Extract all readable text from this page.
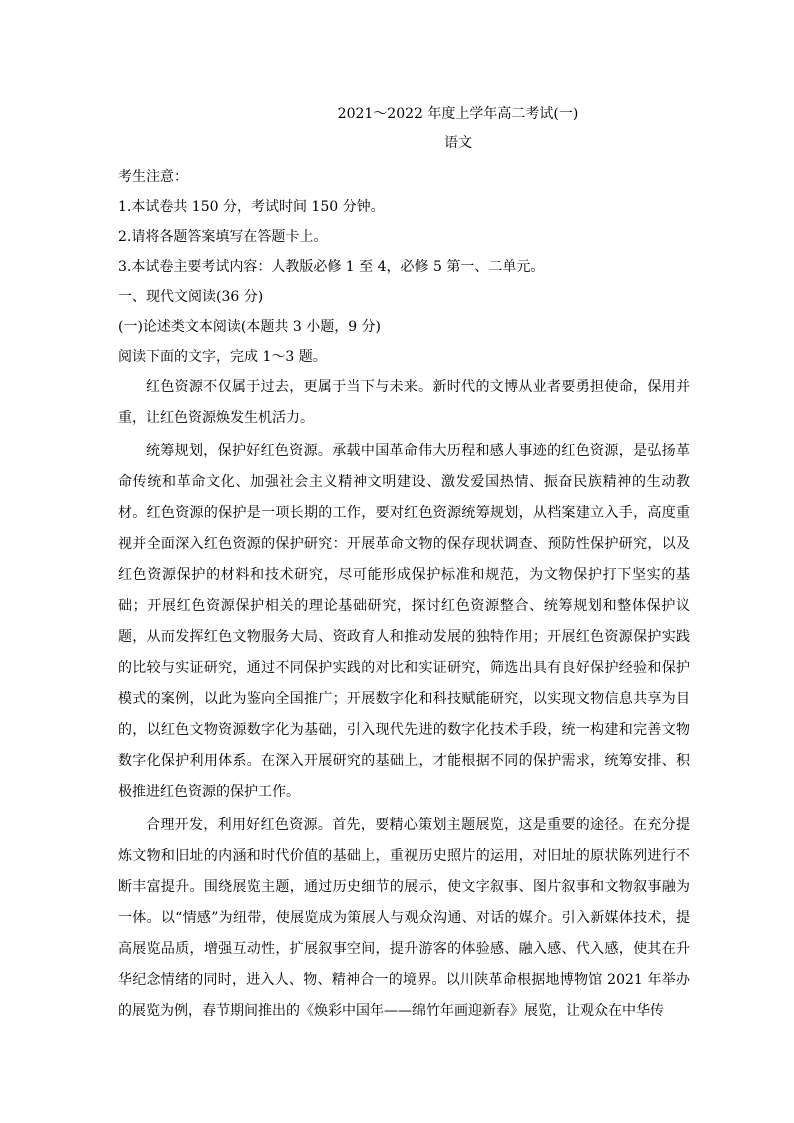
2021～2022 年度上学年高二考试(一)

语文

考生注意：

1.本试卷共 150 分，考试时间 150 分钟。

2.请将各题答案填写在答题卡上。

3.本试卷主要考试内容：人教版必修 1 至 4，必修 5 第一、二单元。

一、现代文阅读(36 分)

(一)论述类文本阅读(本题共 3 小题，9 分)

阅读下面的文字，完成 1～3 题。

红色资源不仅属于过去，更属于当下与未来。新时代的文博从业者要勇担使命，保用并重，让红色资源焕发生机活力。

统筹规划，保护好红色资源。承载中国革命伟大历程和感人事迹的红色资源，是弘扬革命传统和革命文化、加强社会主义精神文明建设、激发爱国热情、振奋民族精神的生动教材。红色资源的保护是一项长期的工作，要对红色资源统筹规划，从档案建立入手，高度重视并全面深入红色资源的保护研究：开展革命文物的保存现状调查、预防性保护研究，以及红色资源保护的材料和技术研究，尽可能形成保护标准和规范，为文物保护打下坚实的基础；开展红色资源保护相关的理论基础研究，探讨红色资源整合、统筹规划和整体保护议题，从而发挥红色文物服务大局、资政育人和推动发展的独特作用；开展红色资源保护实践的比较与实证研究，通过不同保护实践的对比和实证研究，筛选出具有良好保护经验和保护模式的案例，以此为鉴向全国推广；开展数字化和科技赋能研究，以实现文物信息共享为目的，以红色文物资源数字化为基础，引入现代先进的数字化技术手段，统一构建和完善文物数字化保护利用体系。在深入开展研究的基础上，才能根据不同的保护需求，统筹安排、积极推进红色资源的保护工作。

合理开发，利用好红色资源。首先，要精心策划主题展览，这是重要的途径。在充分提炼文物和旧址的内涵和时代价值的基础上，重视历史照片的运用，对旧址的原状陈列进行不断丰富提升。围绕展览主题，通过历史细节的展示，使文字叙事、图片叙事和文物叙事融为一体。以“情感”为纽带，使展览成为策展人与观众沟通、对话的媒介。引入新媒体技术，提高展览品质，增强互动性，扩展叙事空间，提升游客的体验感、融入感、代入感，使其在升华纪念情绪的同时，进入人、物、精神合一的境界。以川陕革命根据地博物馆 2021 年举办的展览为例，春节期间推出的《焕彩中国年——绵竹年画迎新春》展览，让观众在中华传
